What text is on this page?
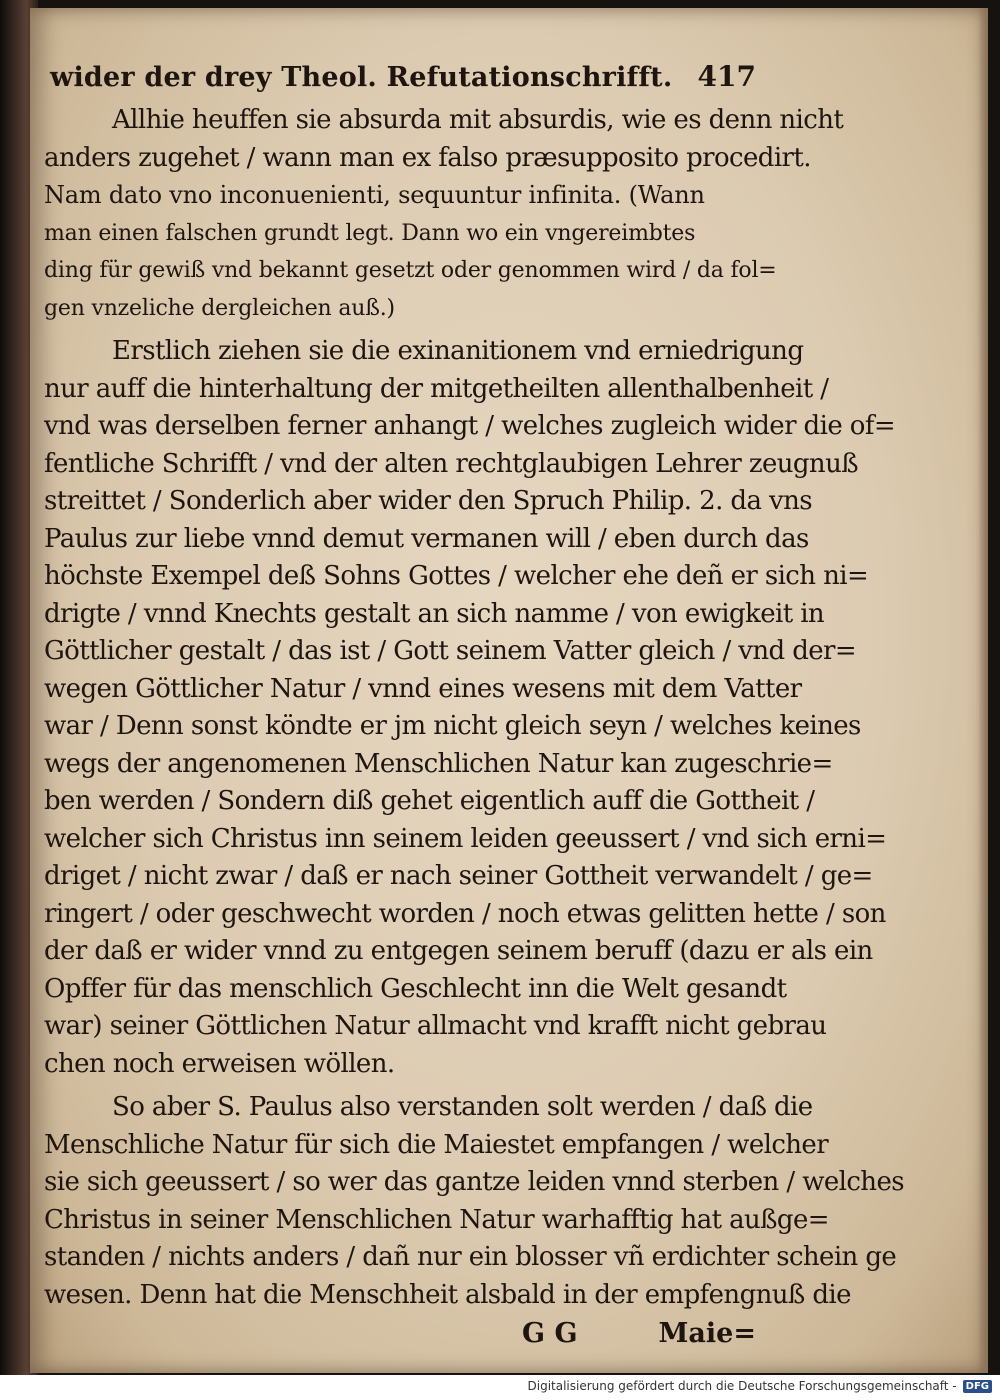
wider der drey Theol. Refutationschrifft. 417
Allhie heuffen sie absurda mit absurdis, wie es denn nicht
anders zugehet / wann man ex falso præsupposito procedirt.
Nam dato vno inconuenienti, sequuntur infinita. (Wann
man einen falschen grundt legt. Dann wo ein vngereimbtes
ding für gewiß vnd bekannt gesetzt oder genommen wird / da fol=
gen vnzeliche dergleichen auß.)
Erstlich ziehen sie die exinanitionem vnd erniedrigung
nur auff die hinterhaltung der mitgetheilten allenthalbenheit /
vnd was derselben ferner anhangt / welches zugleich wider die of=
fentliche Schrifft / vnd der alten rechtglaubigen Lehrer zeugnuß
streittet / Sonderlich aber wider den Spruch Philip. 2. da vns
Paulus zur liebe vnnd demut vermanen will / eben durch das
höchste Exempel deß Sohns Gottes / welcher ehe deñ er sich ni=
drigte / vnnd Knechts gestalt an sich namme / von ewigkeit in
Göttlicher gestalt / das ist / Gott seinem Vatter gleich / vnd der=
wegen Göttlicher Natur / vnnd eines wesens mit dem Vatter
war / Denn sonst köndte er jm nicht gleich seyn / welches keines
wegs der angenomenen Menschlichen Natur kan zugeschrie=
ben werden / Sondern diß gehet eigentlich auff die Gottheit /
welcher sich Christus inn seinem leiden geeussert / vnd sich erni=
driget / nicht zwar / daß er nach seiner Gottheit verwandelt / ge=
ringert / oder geschwecht worden / noch etwas gelitten hette / son
der daß er wider vnnd zu entgegen seinem beruff (dazu er als ein
Opffer für das menschlich Geschlecht inn die Welt gesandt
war) seiner Göttlichen Natur allmacht vnd krafft nicht gebrau
chen noch erweisen wöllen.
So aber S. Paulus also verstanden solt werden / daß die
Menschliche Natur für sich die Maiestet empfangen / welcher
sie sich geeussert / so wer das gantze leiden vnnd sterben / welches
Christus in seiner Menschlichen Natur warhafftig hat außge=
standen / nichts anders / dañ nur ein blosser vñ erdichter schein ge
wesen. Denn hat die Menschheit alsbald in der empfengnuß die
G G	Maie=
Digitalisierung gefördert durch die Deutsche Forschungsgemeinschaft - DFG
